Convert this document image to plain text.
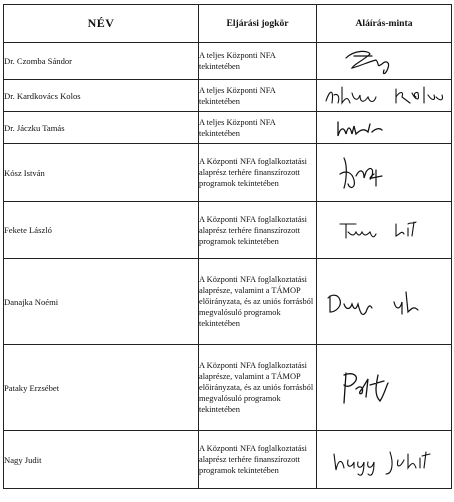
NÉV	Eljárási jogkör	Aláírás-minta
Dr. Czomba Sándor	A teljes Központi NFA tekintetében	

Dr. Kardkovács Kolos	A teljes Központi NFA tekintetében	

Dr. Jáczku Tamás	A teljes Központi NFA tekintetében	

Kósz István	A Központi NFA foglalkoztatási alaprész terhére finanszírozott programok tekintetében	

Fekete László	A Központi NFA foglalkoztatási alaprész terhére finanszírozott programok tekintetében	

Danajka Noémi	A Központi NFA foglalkoztatási alaprésze, valamint a TÁMOP előirányzata, és az uniós forrásból megvalósuló programok tekintetében	

Pataky Erzsébet	A Központi NFA foglalkoztatási alaprésze, valamint a TÁMOP előirányzata, és az uniós forrásból megvalósuló programok tekintetében	

Nagy Judit	A Központi NFA foglalkoztatási alaprész terhére finanszírozott programok tekintetében	
